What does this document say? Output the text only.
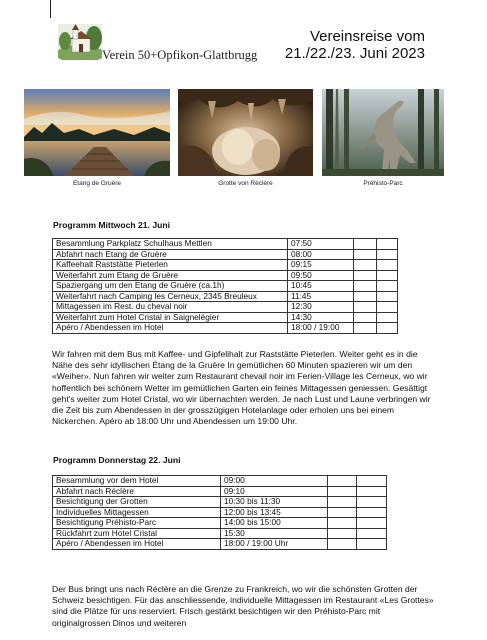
Verein 50+Opfikon-Glattbrugg
Vereinsreise vom
21./22./23. Juni 2023
Etang de Gruère	Grotte von Réclère	Préhisto-Parc
Programm Mittwoch 21. Juni
Besammlung Parkplatz Schulhaus Mettlen	07:50		
Abfahrt nach Etang de Gruère	08:00		
Kaffeehalt Raststätte Pieterlen	09:15		
Weiterfahrt zum Etang de Gruère	09:50		
Spaziergang um den Etang de Gruère (ca.1h)	10:45		
Weiterfahrt nach Camping les Cerneux, 2345 Breuleux	11:45		
Mittagessen im Rest. du cheval noir	12:30		
Weiterfahrt zum Hotel Cristal in Saignelégier	14:30		
Apéro / Abendessen im Hotel	18:00 / 19:00		

Wir fahren mit dem Bus mit Kaffee- und Gipfelihalt zur Raststätte Pieterlen. Weiter geht es in die Nähe des sehr idyllischen Étang de la Gruère In gemütlichen 60 Minuten spazieren wir um den «Weiher». Nun fahren wir weiter zum Restaurant chevail noir im Ferien-Village les Cerneux, wo wir hoffentlich bei schönem Wetter im gemütlichen Garten ein feines Mittagessen geniessen. Gesättigt geht's weiter zum Hotel Cristal, wo wir übernachten werden. Je nach Lust und Laune verbringen wir die Zeit bis zum Abendessen in der grosszügigen Hotelanlage oder erholen uns bei einem Nickerchen. Apéro ab 18:00 Uhr und Abendessen um 19:00 Uhr.

Programm Donnerstag 22. Juni
Besammlung vor dem Hotel	09:00		
Abfahrt nach Réclère	09:10		
Besichtigung der Grotten	10:30 bis 11:30		
Individuelles Mittagessen	12:00 bis 13:45		
Besichtigung Préhisto-Parc	14:00 bis 15:00		
Rückfahrt zum Hotel Cristal	15:30		
Apéro / Abendessen im Hotel	18:00 / 19:00 Uhr		

Der Bus bringt uns nach Réclère an die Grenze zu Frankreich, wo wir die schönsten Grotten der Schweiz besichtigen. Für das anschliessende, individuelle Mittagessen im Restaurant «Les Grottes» sind die Plätze für uns reserviert. Frisch gestärkt besichtigen wir den Préhisto-Parc mit originalgrossen Dinos und weiteren
